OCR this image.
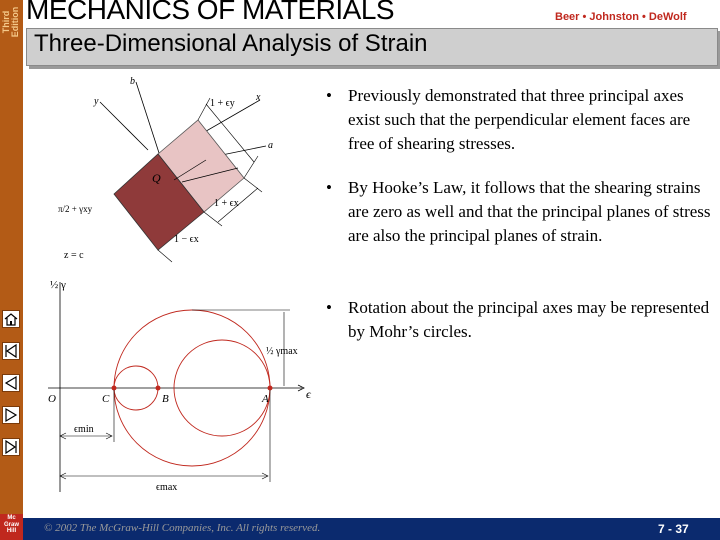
Third Edition
Mc Graw Hill
MECHANICS OF MATERIALS	Beer • Johnston • DeWolf
Three-Dimensional Analysis of Strain
b
y	x
a
1 + ϵy
1 + ϵx
1 − ϵx
π/2 + γxy
z = c
Q
½ γ
½ γmax
O	C	B	A	ϵ
ϵmin
ϵmax
• Previously demonstrated that three principal axes exist such that the perpendicular element faces are free of shearing stresses.
• By Hooke’s Law, it follows that the shearing strains are zero as well and that the principal planes of stress are also the principal planes of strain.
• Rotation about the principal axes may be represented by Mohr’s circles.
© 2002 The McGraw-Hill Companies, Inc. All rights reserved.	7 - 37
